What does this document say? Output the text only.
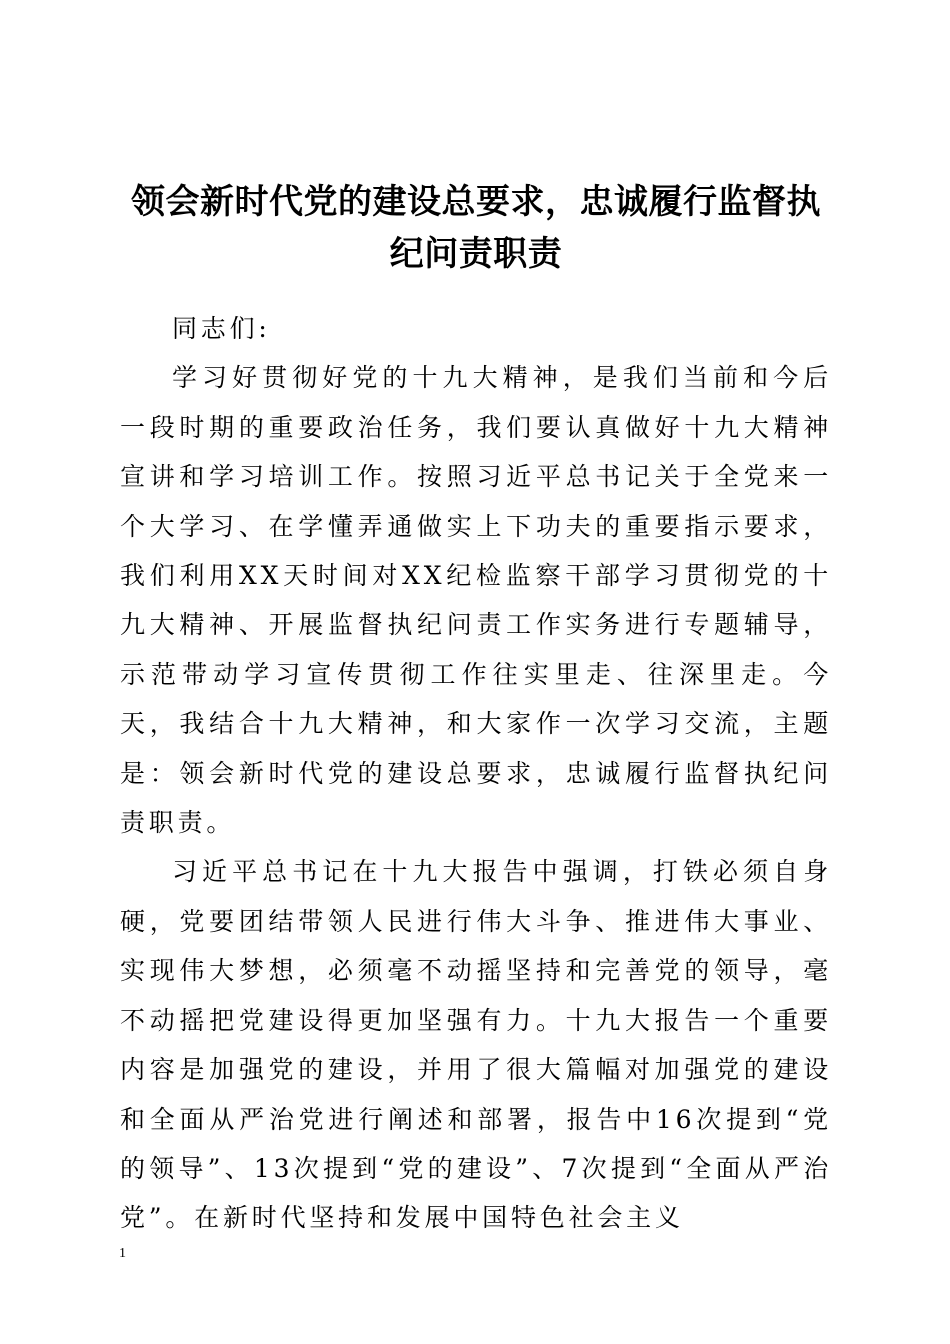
领会新时代党的建设总要求，忠诚履行监督执
纪问责职责

同志们:

学习好贯彻好党的十九大精神，是我们当前和今后一段时期的重要政治任务，我们要认真做好十九大精神宣讲和学习培训工作。按照习近平总书记关于全党来一个大学习、在学懂弄通做实上下功夫的重要指示要求，我们利用XX天时间对XX纪检监察干部学习贯彻党的十九大精神、开展监督执纪问责工作实务进行专题辅导，示范带动学习宣传贯彻工作往实里走、往深里走。今天，我结合十九大精神，和大家作一次学习交流，主题是：领会新时代党的建设总要求，忠诚履行监督执纪问责职责。

习近平总书记在十九大报告中强调，打铁必须自身硬，党要团结带领人民进行伟大斗争、推进伟大事业、实现伟大梦想，必须毫不动摇坚持和完善党的领导，毫不动摇把党建设得更加坚强有力。十九大报告一个重要内容是加强党的建设，并用了很大篇幅对加强党的建设和全面从严治党进行阐述和部署，报告中16次提到“党的领导”、13次提到“党的建设”、7次提到“全面从严治党”。在新时代坚持和发展中国特色社会主义

1
